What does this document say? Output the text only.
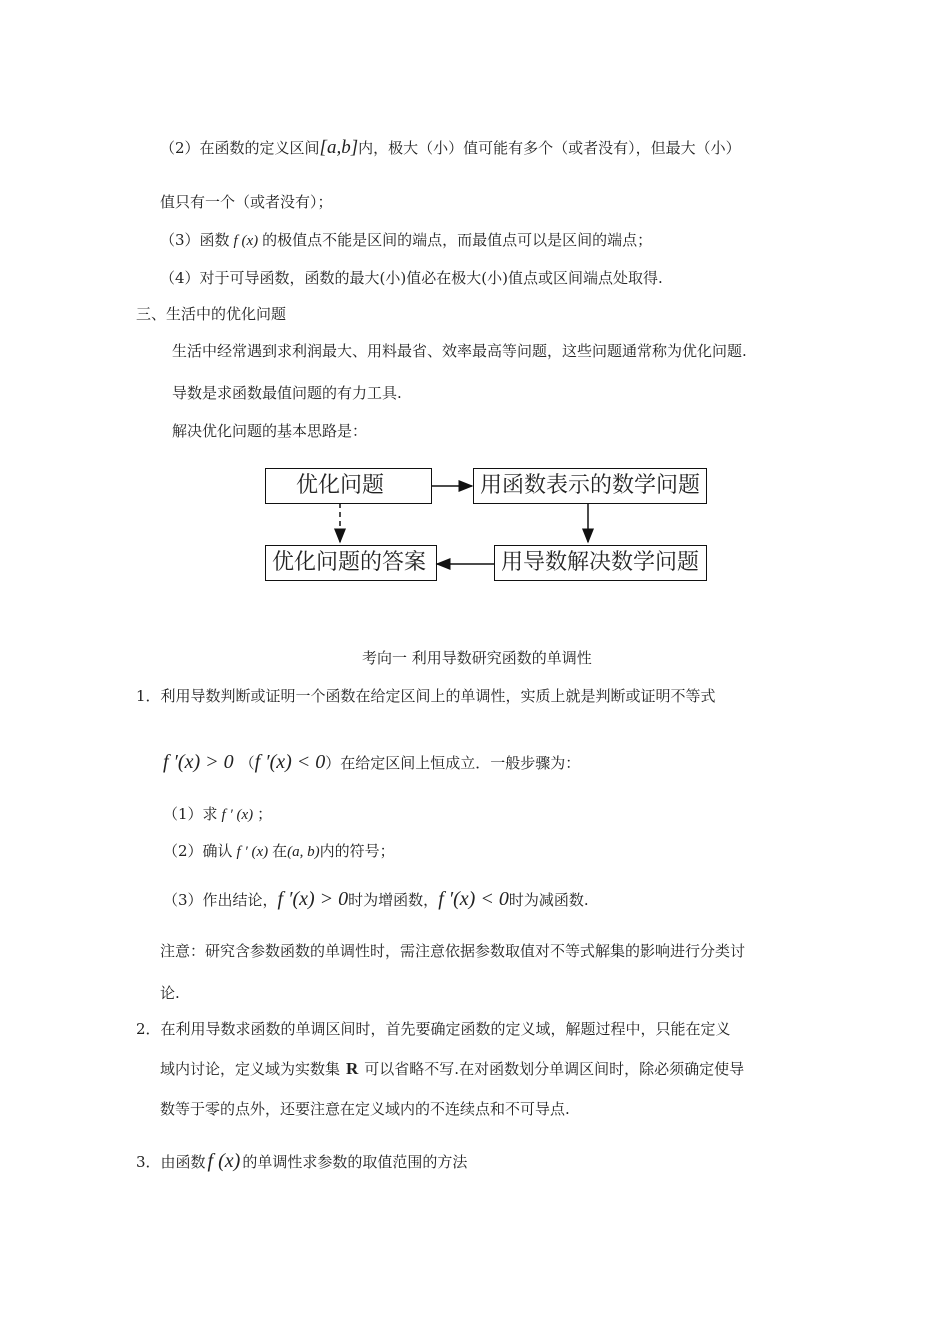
（2）在函数的定义区间[a,b]内，极大（小）值可能有多个（或者没有），但最大（小）
值只有一个（或者没有）；
（3）函数 f (x) 的极值点不能是区间的端点，而最值点可以是区间的端点；
（4）对于可导函数，函数的最大(小)值必在极大(小)值点或区间端点处取得.
三、生活中的优化问题
生活中经常遇到求利润最大、用料最省、效率最高等问题，这些问题通常称为优化问题.
导数是求函数最值问题的有力工具.
解决优化问题的基本思路是：
优化问题	用函数表示的数学问题
用导数解决数学问题
优化问题的答案
考向一 利用导数研究函数的单调性
1．利用导数判断或证明一个函数在给定区间上的单调性，实质上就是判断或证明不等式
f ′(x) > 0 （f ′(x) < 0）在给定区间上恒成立．一般步骤为：
（1）求 f ′ (x) ；
（2）确认 f ′ (x) 在(a, b)内的符号；
（3）作出结论，f ′(x) > 0时为增函数，f ′(x) < 0时为减函数.
注意：研究含参数函数的单调性时，需注意依据参数取值对不等式解集的影响进行分类讨
论.
2．在利用导数求函数的单调区间时，首先要确定函数的定义域，解题过程中，只能在定义
域内讨论，定义域为实数集 R 可以省略不写.在对函数划分单调区间时，除必须确定使导
数等于零的点外，还要注意在定义域内的不连续点和不可导点.
3．由函数 f (x) 的单调性求参数的取值范围的方法
